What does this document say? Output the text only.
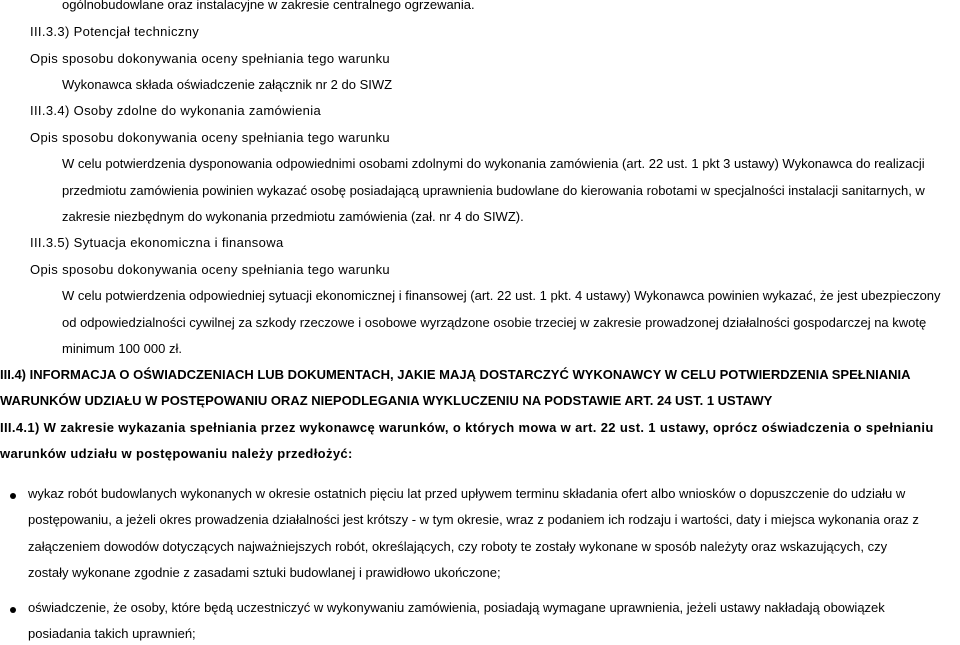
ogólnobudowlane oraz instalacyjne w zakresie centralnego ogrzewania.
III.3.3) Potencjał techniczny
Opis sposobu dokonywania oceny spełniania tego warunku
Wykonawca składa oświadczenie załącznik nr 2 do SIWZ
III.3.4) Osoby zdolne do wykonania zamówienia
Opis sposobu dokonywania oceny spełniania tego warunku
W celu potwierdzenia dysponowania odpowiednimi osobami zdolnymi do wykonania zamówienia (art. 22 ust. 1 pkt 3 ustawy) Wykonawca do realizacji
przedmiotu zamówienia powinien wykazać osobę posiadającą uprawnienia budowlane do kierowania robotami w specjalności instalacji sanitarnych, w
zakresie niezbędnym do wykonania przedmiotu zamówienia (zał. nr 4 do SIWZ).
III.3.5) Sytuacja ekonomiczna i finansowa
Opis sposobu dokonywania oceny spełniania tego warunku
W celu potwierdzenia odpowiedniej sytuacji ekonomicznej i finansowej (art. 22 ust. 1 pkt. 4 ustawy) Wykonawca powinien wykazać, że jest ubezpieczony
od odpowiedzialności cywilnej za szkody rzeczowe i osobowe wyrządzone osobie trzeciej w zakresie prowadzonej działalności gospodarczej na kwotę
minimum 100 000 zł.
III.4) INFORMACJA O OŚWIADCZENIACH LUB DOKUMENTACH, JAKIE MAJĄ DOSTARCZYĆ WYKONAWCY W CELU POTWIERDZENIA SPEŁNIANIA
WARUNKÓW UDZIAŁU W POSTĘPOWANIU ORAZ NIEPODLEGANIA WYKLUCZENIU NA PODSTAWIE ART. 24 UST. 1 USTAWY
III.4.1) W zakresie wykazania spełniania przez wykonawcę warunków, o których mowa w art. 22 ust. 1 ustawy, oprócz oświadczenia o spełnianiu
warunków udziału w postępowaniu należy przedłożyć:
wykaz robót budowlanych wykonanych w okresie ostatnich pięciu lat przed upływem terminu składania ofert albo wniosków o dopuszczenie do udziału w
postępowaniu, a jeżeli okres prowadzenia działalności jest krótszy - w tym okresie, wraz z podaniem ich rodzaju i wartości, daty i miejsca wykonania oraz z
załączeniem dowodów dotyczących najważniejszych robót, określających, czy roboty te zostały wykonane w sposób należyty oraz wskazujących, czy
zostały wykonane zgodnie z zasadami sztuki budowlanej i prawidłowo ukończone;
oświadczenie, że osoby, które będą uczestniczyć w wykonywaniu zamówienia, posiadają wymagane uprawnienia, jeżeli ustawy nakładają obowiązek
posiadania takich uprawnień;
